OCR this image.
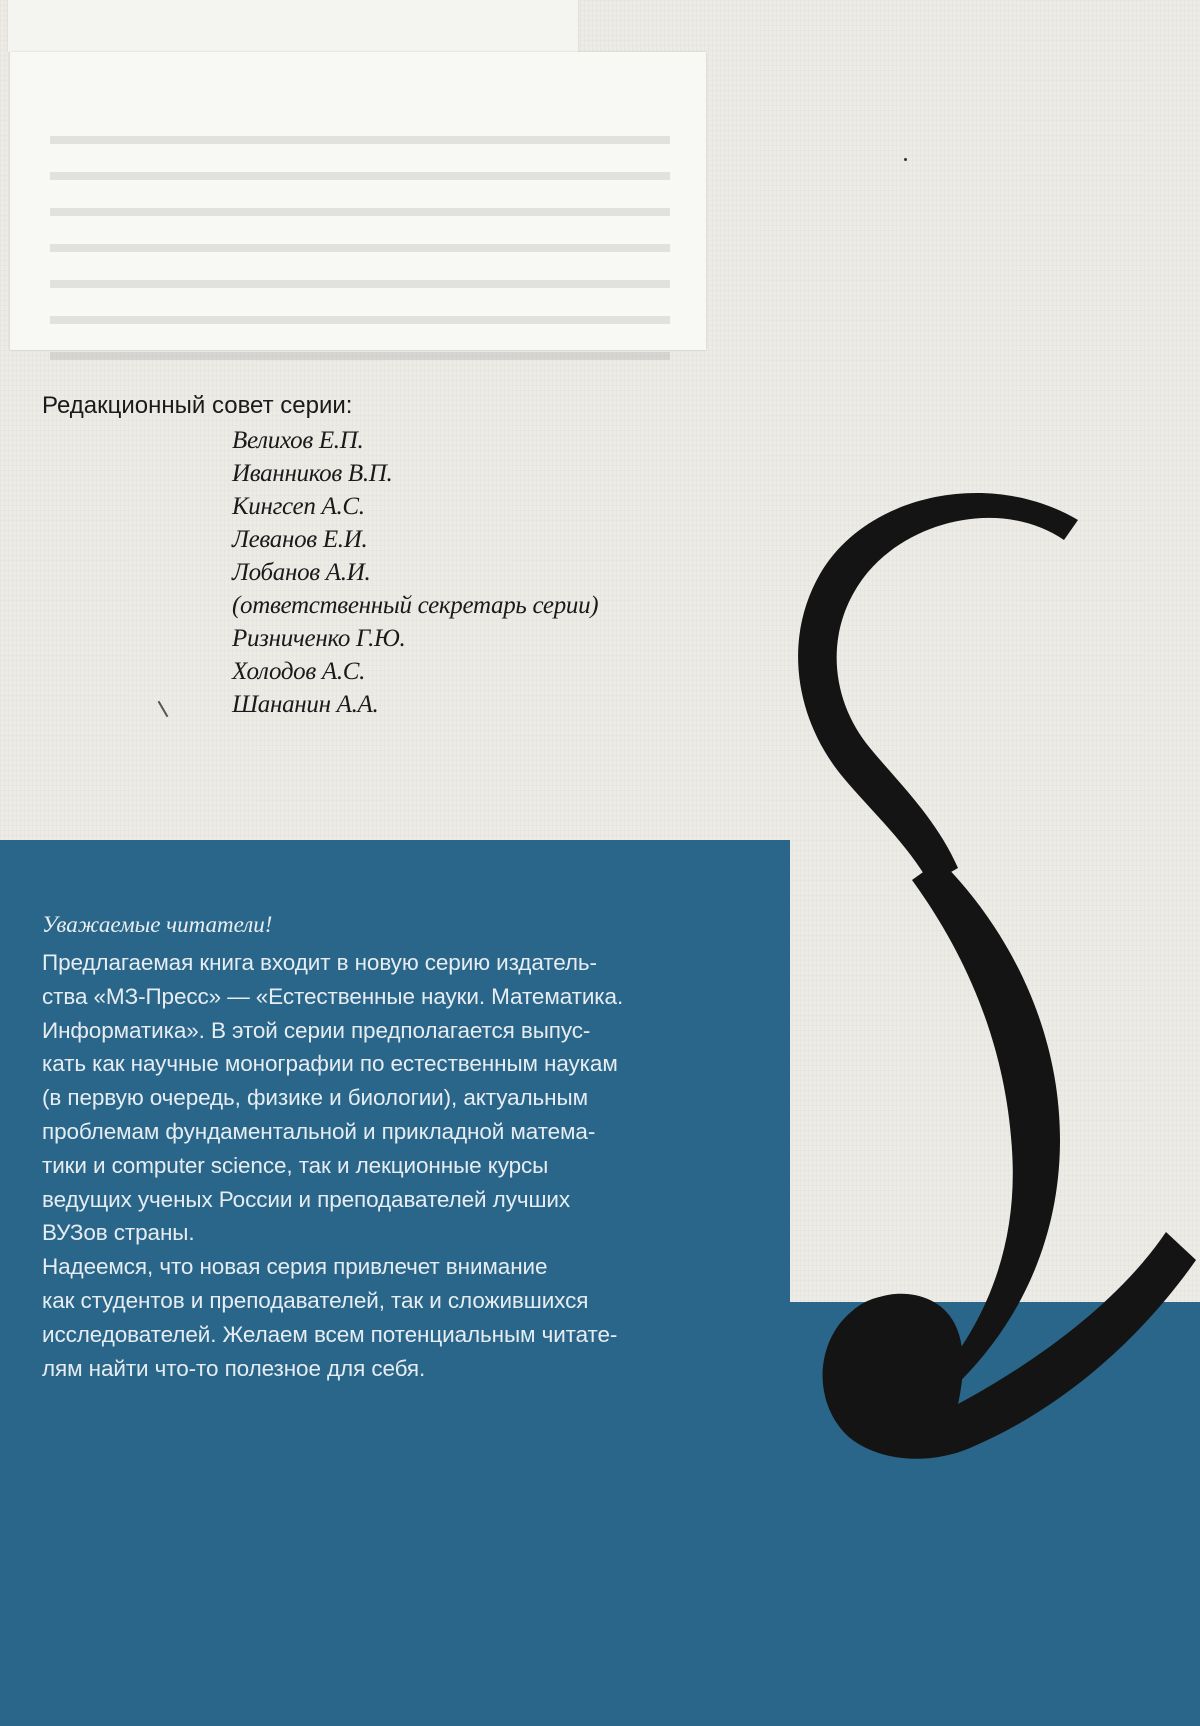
Редакционный совет серии:

Велихов Е.П.
Иванников В.П.
Кингсеп А.С.
Леванов Е.И.
Лобанов А.И.
(ответственный секретарь серии)
Ризниченко Г.Ю.
Холодов А.С.
Шананин А.А.

Уважаемые читатели!

Предлагаемая книга входит в новую серию издатель-

ства «МЗ-Пресс» — «Естественные науки. Математика.

Информатика». В этой серии предполагается выпус-

кать как научные монографии по естественным наукам

(в первую очередь, физике и биологии), актуальным

проблемам фундаментальной и прикладной матема-

тики и computer science, так и лекционные курсы

ведущих ученых России и преподавателей лучших

ВУЗов страны.

Надеемся, что новая серия привлечет внимание

как студентов и преподавателей, так и сложившихся

исследователей. Желаем всем потенциальным читате-

лям найти что-то полезное для себя.
